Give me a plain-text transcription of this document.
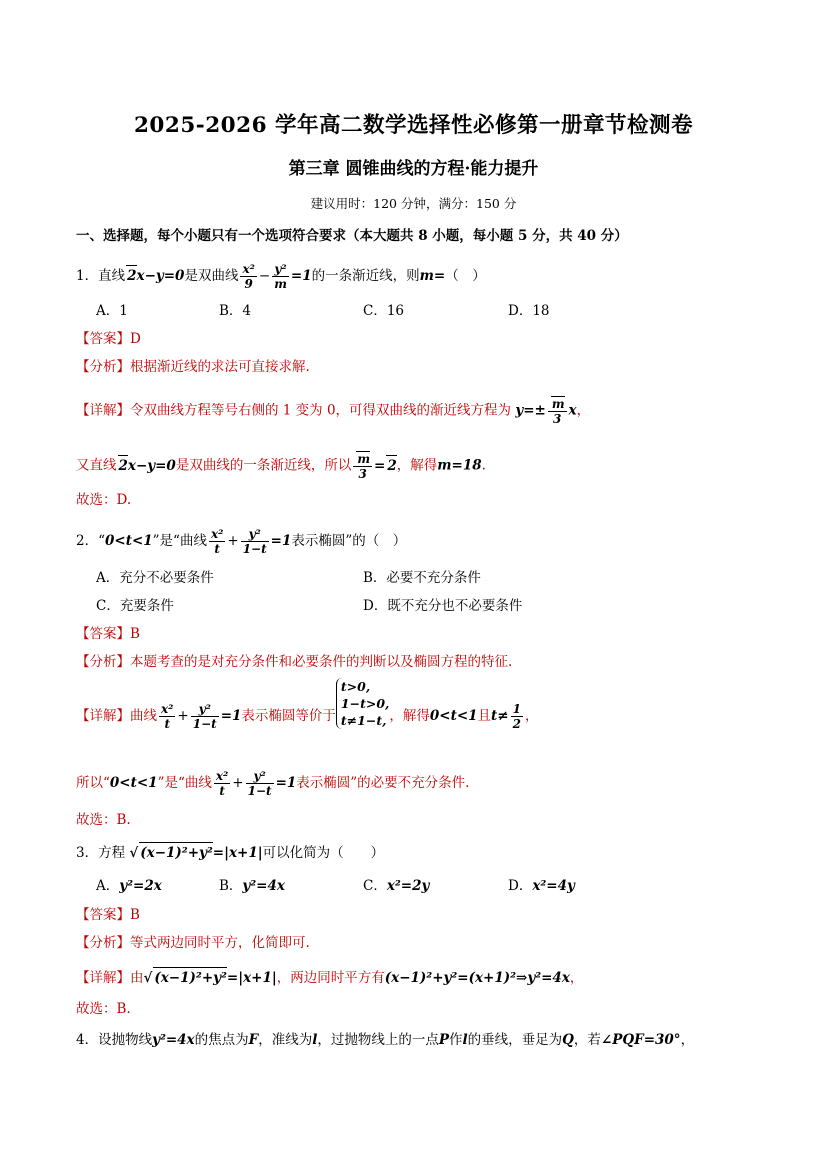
2025-2026 学年高二数学选择性必修第一册章节检测卷
第三章 圆锥曲线的方程·能力提升
建议用时：120 分钟，满分：150 分
一、选择题，每个小题只有一个选项符合要求（本大题共 8 小题，每小题 5 分，共 40 分）
1．直线 2x−y=0是双曲线 $\frac{\text{x²}}{9} - \frac{\text{y²}}{m} =1$的一条渐近线，则m=（　）
A．1	B．4	C．16	D．18
【答案】D
【分析】根据渐近线的求法可直接求解.
【详解】令双曲线方程等号右侧的 1 变为 0，可得双曲线的渐近线方程为 $y=\pm \frac{m}{3}$ x，
又直线 2x−y=0是双曲线的一条渐近线，所以 $\frac{m}{3} = 2$，解得m=18.
故选：D.
2．“0<t<1”是“曲线 $\frac{\text{x²}}{t} + \frac{\text{y²}}{1-t} =1$表示椭圆”的（　）
A．充分不必要条件	B．必要不充分条件
C．充要条件	D．既不充分也不必要条件
【答案】B
【分析】本题考查的是对充分条件和必要条件的判断以及椭圆方程的特征.
【详解】曲线 $\frac{\text{x²}}{t} + \frac{\text{y²}}{1-t} =1$表示椭圆等价于
t>0,
1−t>0,
t≠1−t, ，解得0<t<1且$t\ne \frac{1}{2}$ ，
所以“0<t<1”是“曲线 $\frac{\text{x²}}{t} + \frac{\text{y²}}{1-t} =1$表示椭圆”的必要不充分条件.
故选：B.
3．方程 √ (x−1)²+y²=|x+1|可以化简为（　　）
A．y²=2x	B．y²=4x	C．x²=2y	D．x²=4y
【答案】B
【分析】等式两边同时平方，化简即可.
【详解】由√ (x−1)²+y²=|x+1|，两边同时平方有(x−1)²+y²=(x+1)²⇒y²=4x，
故选：B.
4．设抛物线y²=4x的焦点为F，准线为l，过抛物线上的一点P作l的垂线，垂足为Q，若∠PQF=30°，
